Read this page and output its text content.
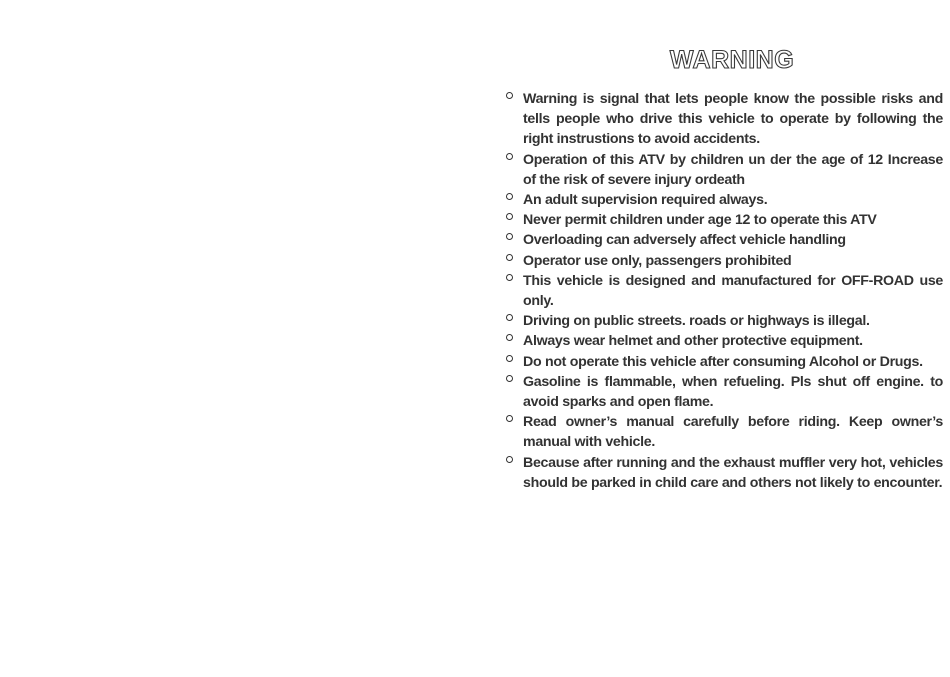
WARNING
Warning is signal that lets people know the possible risks and tells people who drive this vehicle to operate by following the right instrustions to avoid accidents.
Operation of this ATV by children un der the age of 12 Increase of the risk of severe injury ordeath
An adult supervision required always.
Never permit children under age 12 to operate this ATV
Overloading can adversely affect vehicle handling
Operator use only, passengers prohibited
This vehicle is designed and manufactured for OFF-ROAD use only.
Driving on public streets. roads or highways is illegal.
Always wear helmet and other protective equipment.
Do not operate this vehicle after consuming Alcohol or Drugs.
Gasoline is flammable, when refueling. Pls shut off engine. to avoid sparks and open flame.
Read owner’s manual carefully before riding. Keep owner’s manual with vehicle.
Because after running and the exhaust muffler very hot, vehicles should be parked in child care and others not likely to encounter.
